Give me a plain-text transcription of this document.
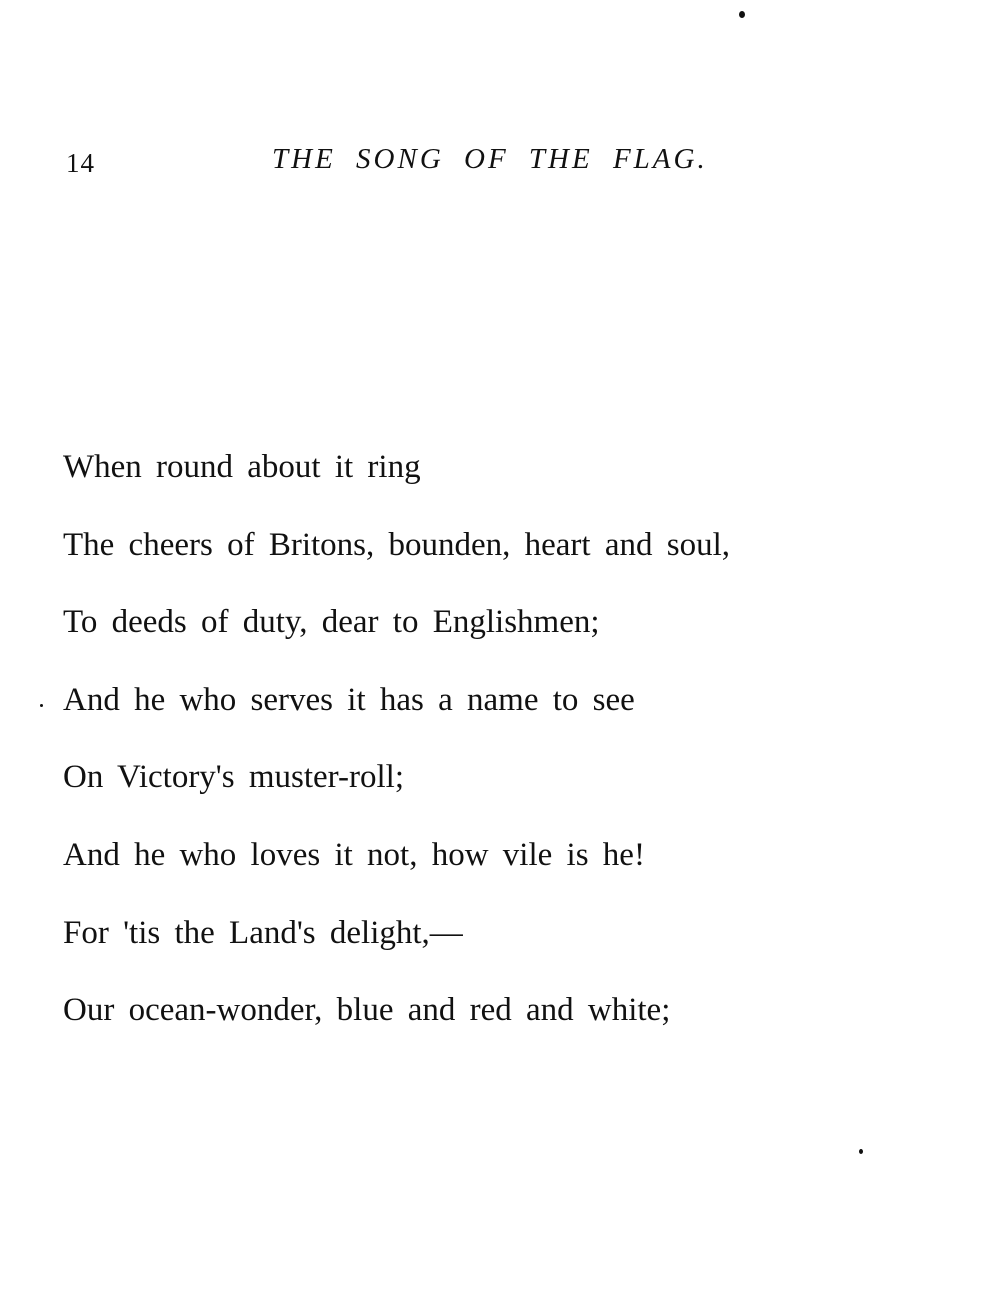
14	THE SONG OF THE FLAG.
When round about it ring
The cheers of Britons, bounden, heart and soul,
To deeds of duty, dear to Englishmen;
And he who serves it has a name to see
On Victory's muster-roll;
And he who loves it not, how vile is he!
For 'tis the Land's delight,—
Our ocean-wonder, blue and red and white;
